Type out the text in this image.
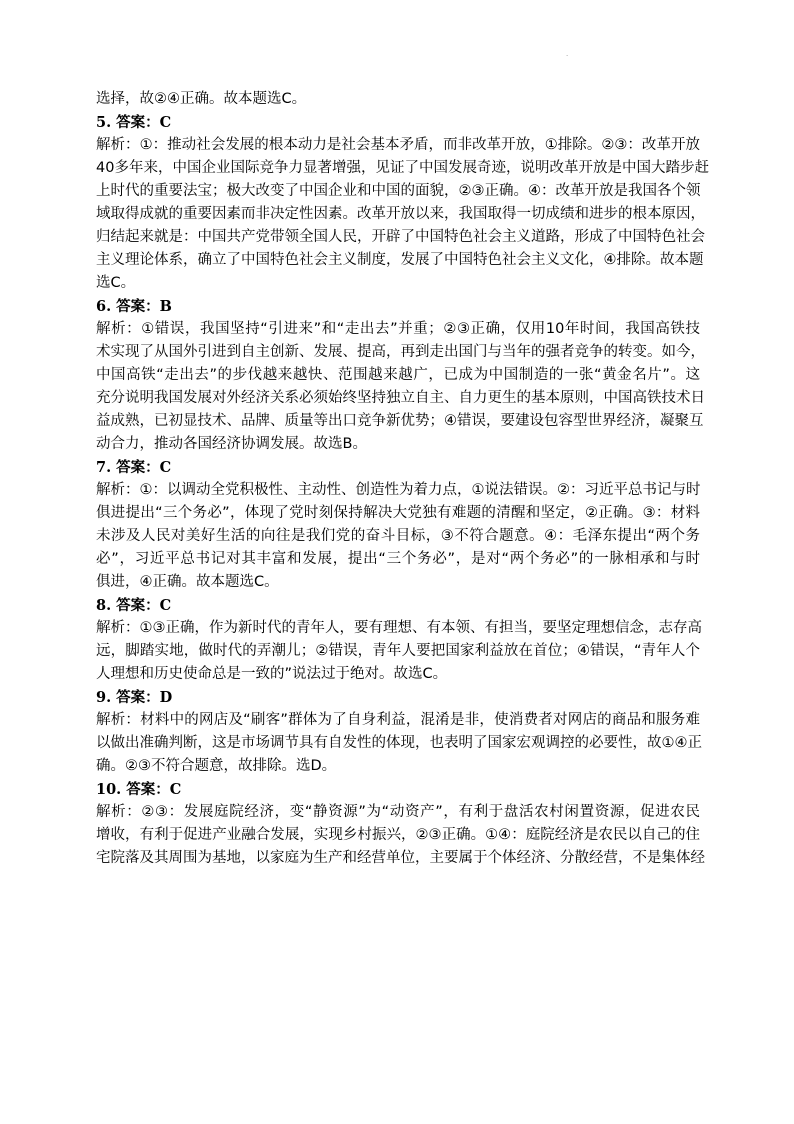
·
选择，故②④正确。故本题选C。
5. 答案：C
解析：①：推动社会发展的根本动力是社会基本矛盾，而非改革开放，①排除。②③：改革开放
40多年来，中国企业国际竞争力显著增强，见证了中国发展奇迹，说明改革开放是中国大踏步赶
上时代的重要法宝；极大改变了中国企业和中国的面貌，②③正确。④：改革开放是我国各个领
域取得成就的重要因素而非决定性因素。改革开放以来，我国取得一切成绩和进步的根本原因，
归结起来就是：中国共产党带领全国人民，开辟了中国特色社会主义道路，形成了中国特色社会
主义理论体系，确立了中国特色社会主义制度，发展了中国特色社会主义文化，④排除。故本题
选C。
6. 答案：B
解析：①错误，我国坚持“引进来”和“走出去”并重；②③正确，仅用10年时间，我国高铁技
术实现了从国外引进到自主创新、发展、提高，再到走出国门与当年的强者竞争的转变。如今，
中国高铁“走出去”的步伐越来越快、范围越来越广，已成为中国制造的一张“黄金名片”。这
充分说明我国发展对外经济关系必须始终坚持独立自主、自力更生的基本原则，中国高铁技术日
益成熟，已初显技术、品牌、质量等出口竞争新优势；④错误，要建设包容型世界经济，凝聚互
动合力，推动各国经济协调发展。故选B。
7. 答案：C
解析：①：以调动全党积极性、主动性、创造性为着力点，①说法错误。②：习近平总书记与时
俱进提出“三个务必”，体现了党时刻保持解决大党独有难题的清醒和坚定，②正确。③：材料
未涉及人民对美好生活的向往是我们党的奋斗目标，③不符合题意。④：毛泽东提出“两个务
必”，习近平总书记对其丰富和发展，提出“三个务必”，是对“两个务必”的一脉相承和与时
俱进，④正确。故本题选C。
8. 答案：C
解析：①③正确，作为新时代的青年人，要有理想、有本领、有担当，要坚定理想信念，志存高
远，脚踏实地，做时代的弄潮儿；②错误，青年人要把国家利益放在首位；④错误，“青年人个
人理想和历史使命总是一致的”说法过于绝对。故选C。
9. 答案：D
解析：材料中的网店及“刷客”群体为了自身利益，混淆是非，使消费者对网店的商品和服务难
以做出准确判断，这是市场调节具有自发性的体现，也表明了国家宏观调控的必要性，故①④正
确。②③不符合题意，故排除。选D。
10. 答案：C
解析：②③：发展庭院经济，变“静资源”为“动资产”，有利于盘活农村闲置资源，促进农民
增收，有利于促进产业融合发展，实现乡村振兴，②③正确。①④：庭院经济是农民以自己的住
宅院落及其周围为基地，以家庭为生产和经营单位，主要属于个体经济、分散经营，不是集体经
